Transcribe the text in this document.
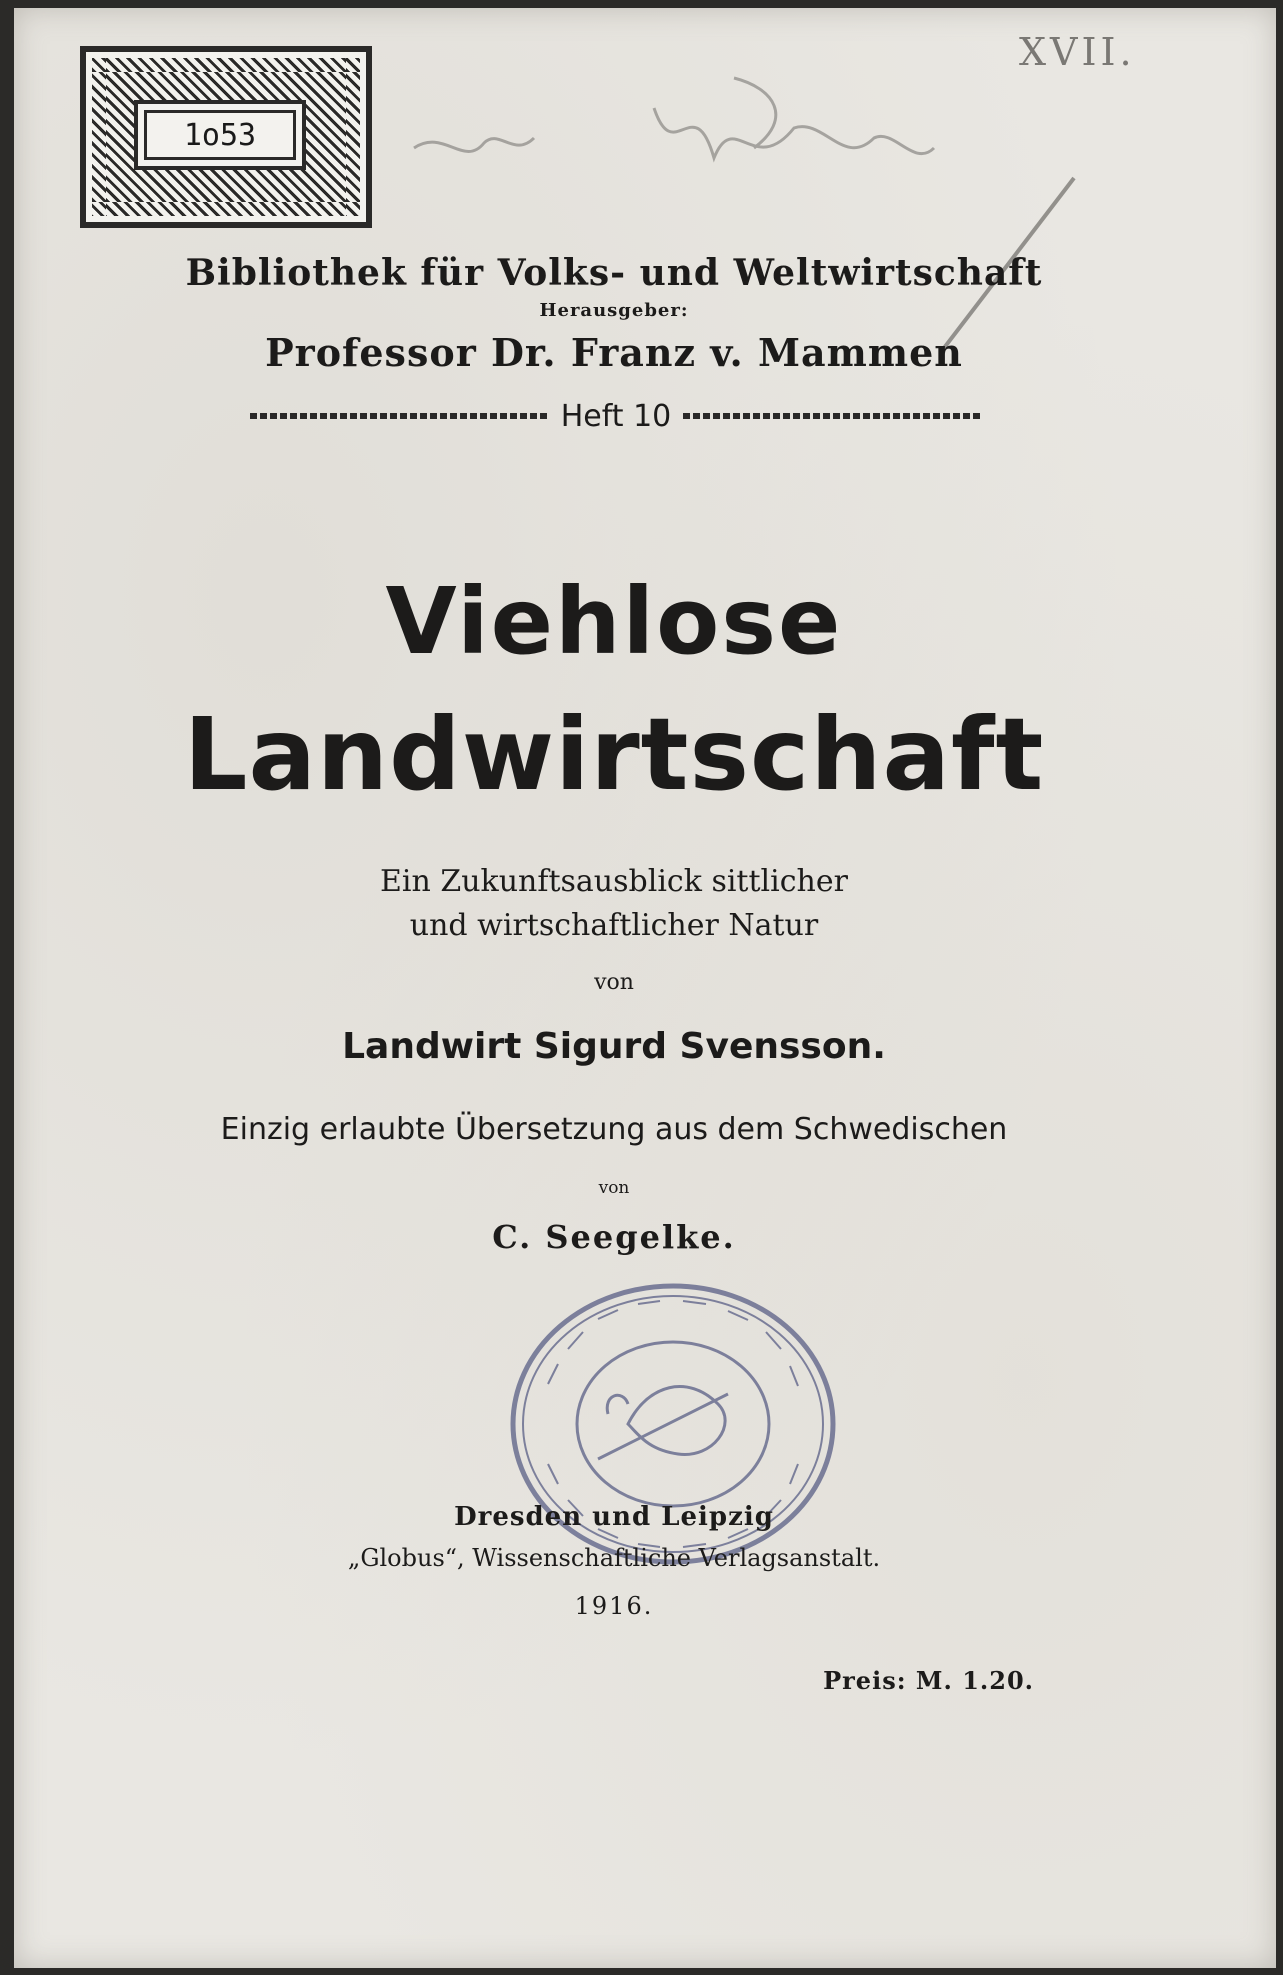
1o53
XVII.
Bibliothek für Volks- und Weltwirtschaft
Herausgeber:
Professor Dr. Franz v. Mammen
Heft 10
Viehlose
Landwirtschaft
Ein Zukunftsausblick sittlicher
und wirtschaftlicher Natur
von
Landwirt Sigurd Svensson.
Einzig erlaubte Übersetzung aus dem Schwedischen
von
C. Seegelke.
Dresden und Leipzig
„Globus“, Wissenschaftliche Verlagsanstalt.
1916.
Preis: M. 1.20.
